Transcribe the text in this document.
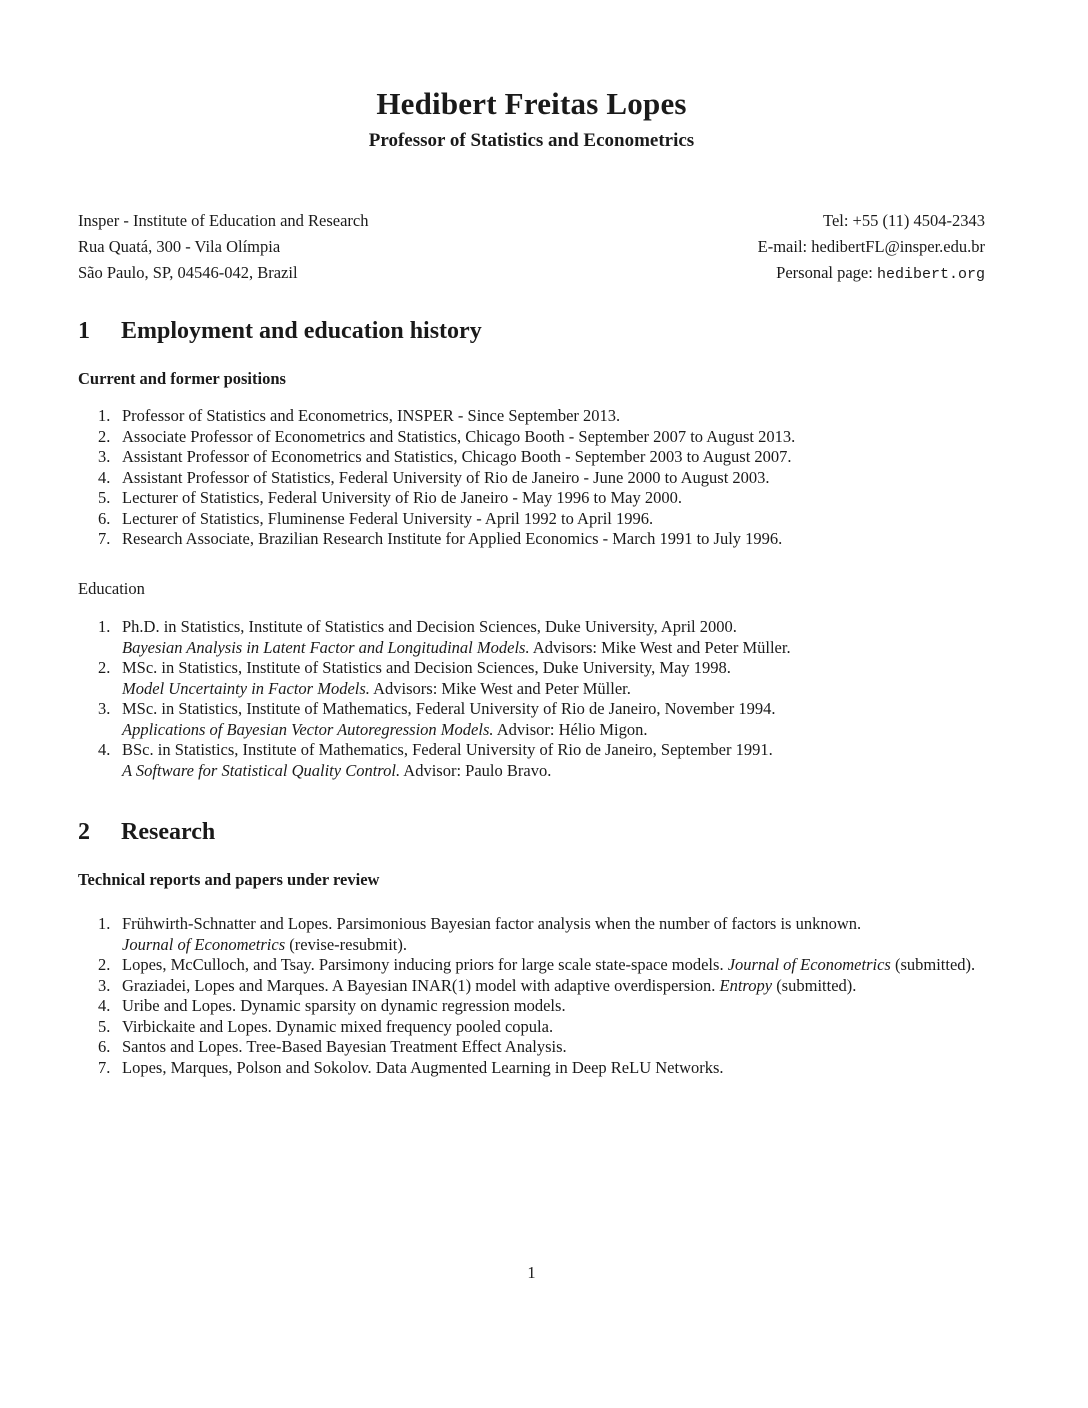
Hedibert Freitas Lopes
Professor of Statistics and Econometrics
Insper - Institute of Education and Research
Rua Quatá, 300 - Vila Olímpia
São Paulo, SP, 04546-042, Brazil
Tel: +55 (11) 4504-2343
E-mail: hedibertFL@insper.edu.br
Personal page: hedibert.org
1 Employment and education history
Current and former positions
1. Professor of Statistics and Econometrics, INSPER - Since September 2013.
2. Associate Professor of Econometrics and Statistics, Chicago Booth - September 2007 to August 2013.
3. Assistant Professor of Econometrics and Statistics, Chicago Booth - September 2003 to August 2007.
4. Assistant Professor of Statistics, Federal University of Rio de Janeiro - June 2000 to August 2003.
5. Lecturer of Statistics, Federal University of Rio de Janeiro - May 1996 to May 2000.
6. Lecturer of Statistics, Fluminense Federal University - April 1992 to April 1996.
7. Research Associate, Brazilian Research Institute for Applied Economics - March 1991 to July 1996.
Education
1. Ph.D. in Statistics, Institute of Statistics and Decision Sciences, Duke University, April 2000.
Bayesian Analysis in Latent Factor and Longitudinal Models. Advisors: Mike West and Peter Müller.
2. MSc. in Statistics, Institute of Statistics and Decision Sciences, Duke University, May 1998.
Model Uncertainty in Factor Models. Advisors: Mike West and Peter Müller.
3. MSc. in Statistics, Institute of Mathematics, Federal University of Rio de Janeiro, November 1994.
Applications of Bayesian Vector Autoregression Models. Advisor: Hélio Migon.
4. BSc. in Statistics, Institute of Mathematics, Federal University of Rio de Janeiro, September 1991.
A Software for Statistical Quality Control. Advisor: Paulo Bravo.
2 Research
Technical reports and papers under review
1. Frühwirth-Schnatter and Lopes. Parsimonious Bayesian factor analysis when the number of factors is unknown.
Journal of Econometrics (revise-resubmit).
2. Lopes, McCulloch, and Tsay. Parsimony inducing priors for large scale state-space models. Journal of Econometrics (submitted).
3. Graziadei, Lopes and Marques. A Bayesian INAR(1) model with adaptive overdispersion. Entropy (submitted).
4. Uribe and Lopes. Dynamic sparsity on dynamic regression models.
5. Virbickaite and Lopes. Dynamic mixed frequency pooled copula.
6. Santos and Lopes. Tree-Based Bayesian Treatment Effect Analysis.
7. Lopes, Marques, Polson and Sokolov. Data Augmented Learning in Deep ReLU Networks.
1
